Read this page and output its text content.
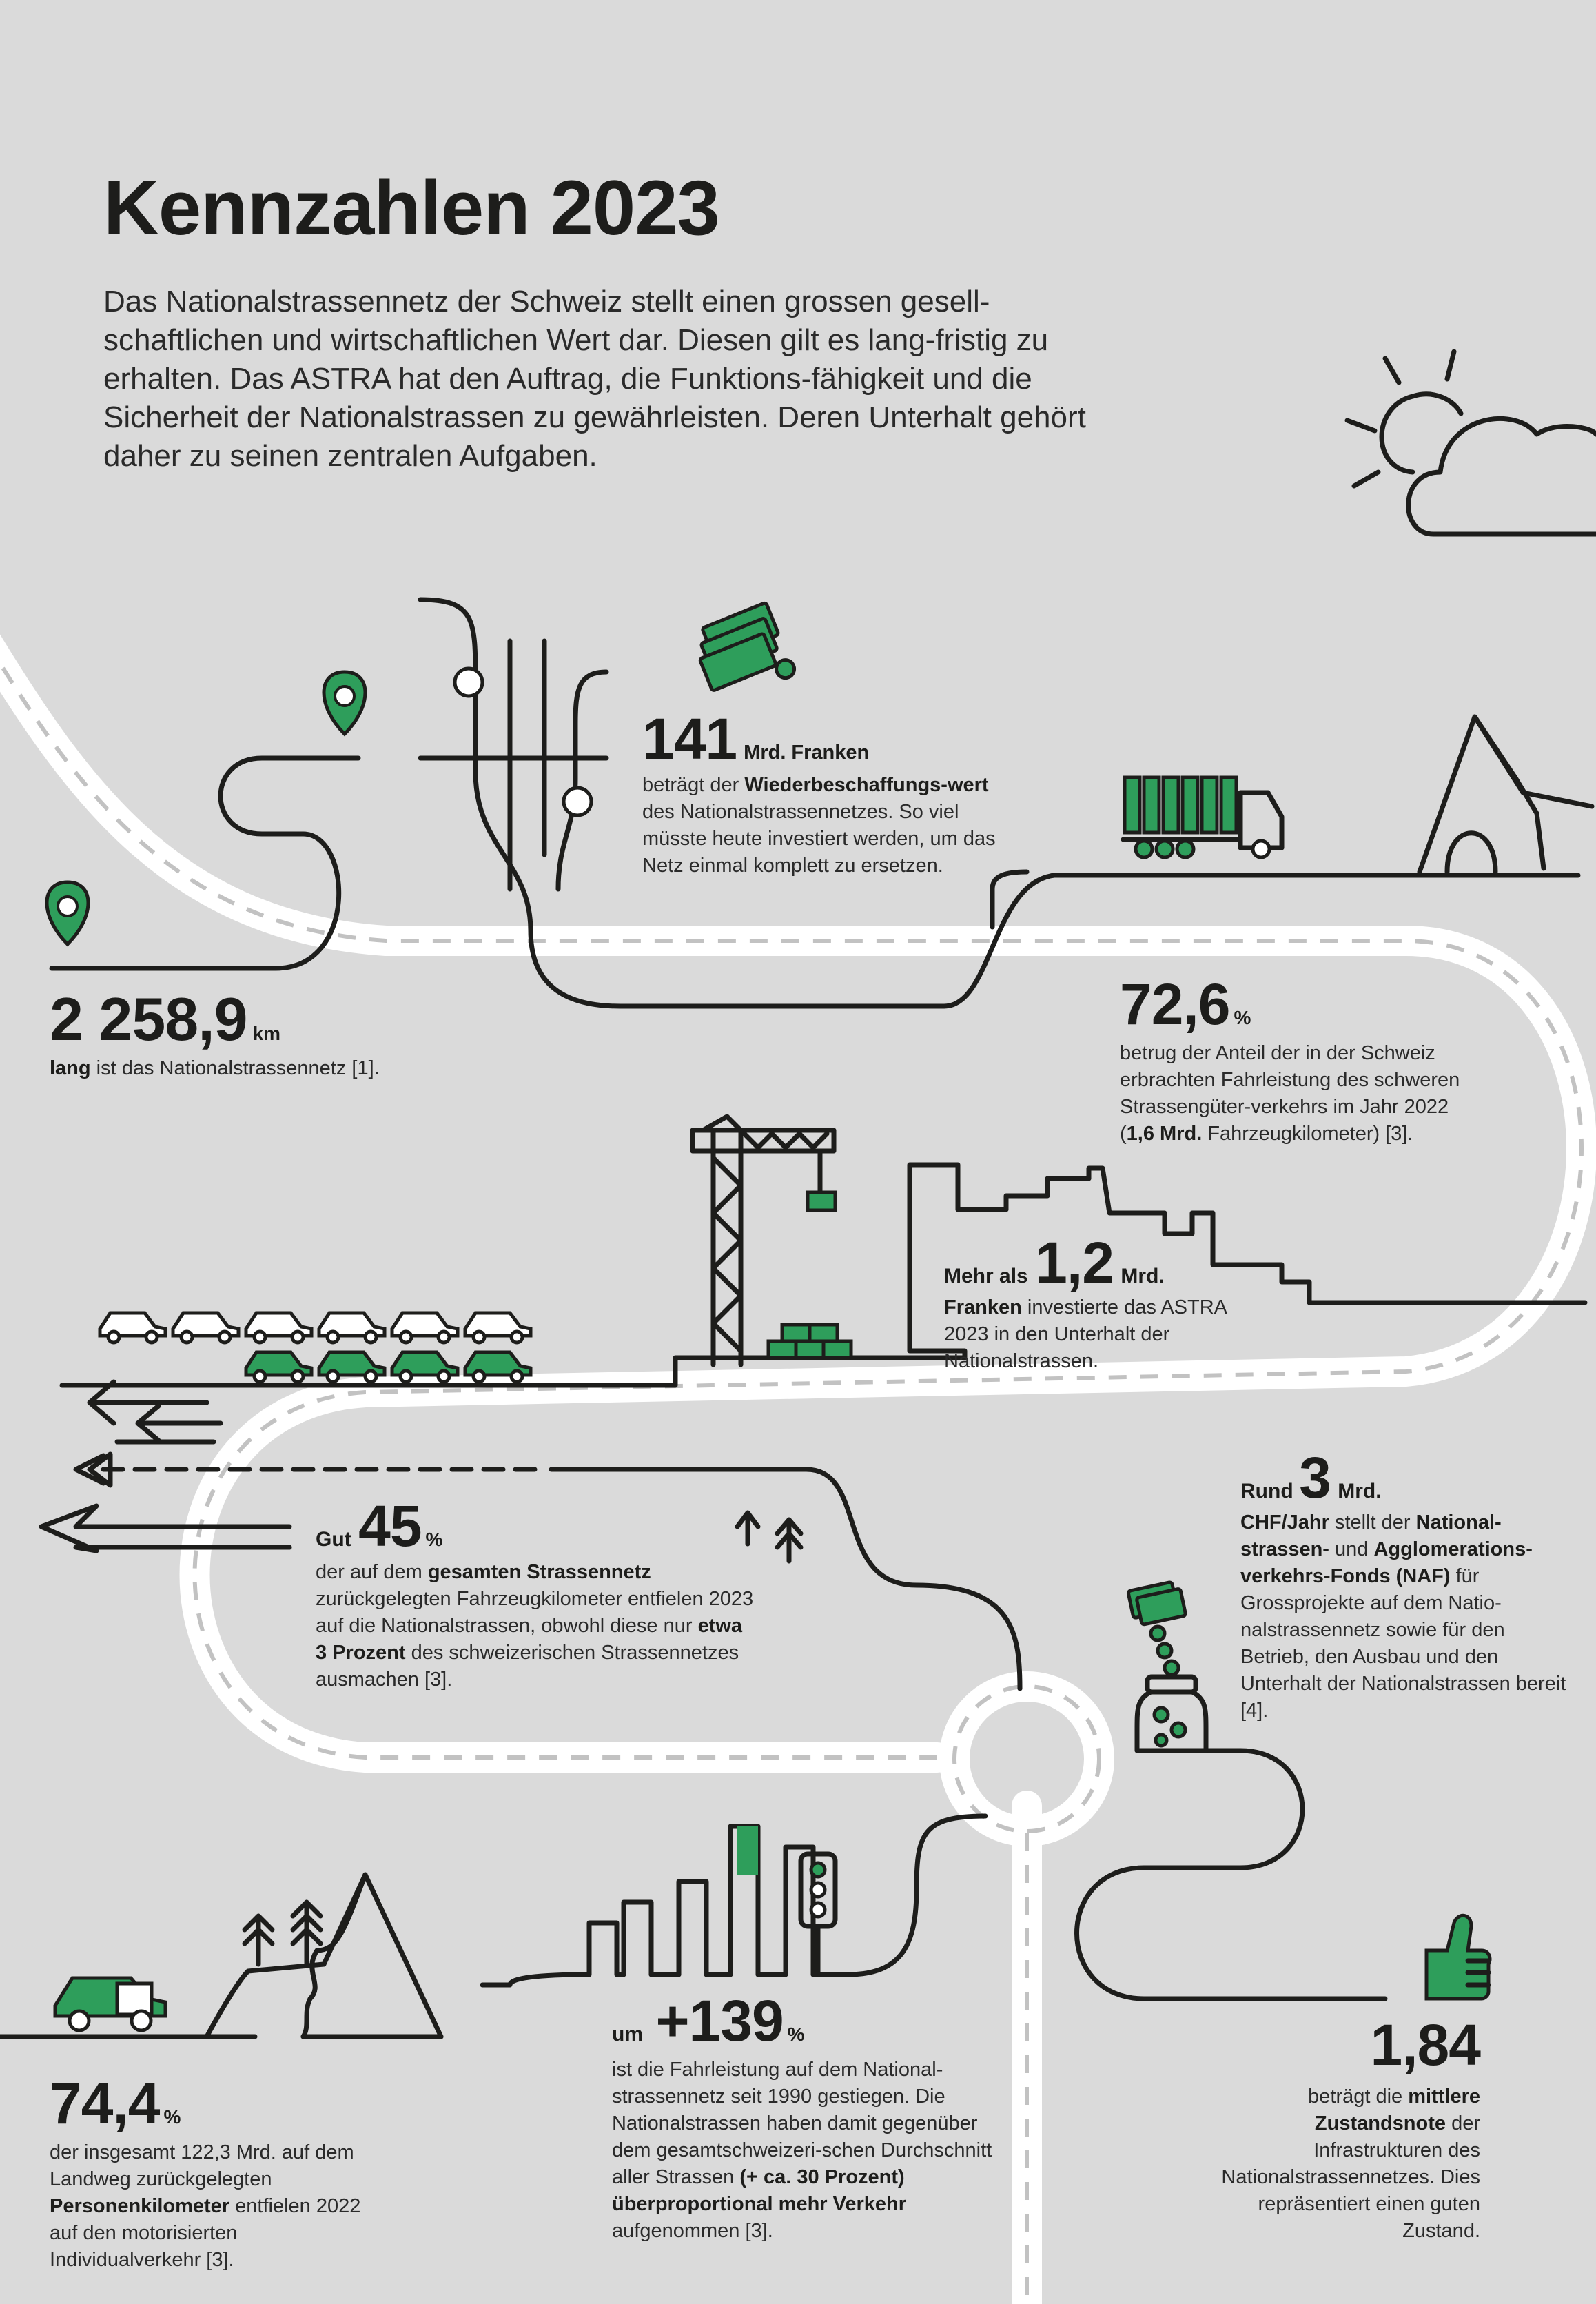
Kennzahlen 2023

Das Nationalstrassennetz der Schweiz stellt einen grossen gesell-schaftlichen und wirtschaftlichen Wert dar. Diesen gilt es lang-fristig zu erhalten. Das ASTRA hat den Auftrag, die Funktions-fähigkeit und die Sicherheit der Nationalstrassen zu gewährleisten. Deren Unterhalt gehört daher zu seinen zentralen Aufgaben.

2 258,9 km
lang ist das Nationalstrassennetz [1].
141 Mrd. Franken
beträgt der Wiederbeschaffungs-wert des Nationalstrassennetzes. So viel müsste heute investiert werden, um das Netz einmal komplett zu ersetzen.
72,6 %
betrug der Anteil der in der Schweiz erbrachten Fahrleistung des schweren Strassengüter-verkehrs im Jahr 2022 (1,6 Mrd. Fahrzeugkilometer) [3].
Mehr als 1,2 Mrd.
Franken investierte das ASTRA 2023 in den Unterhalt der Nationalstrassen.
Gut 45 %
der auf dem gesamten Strassennetz zurückgelegten Fahrzeugkilometer entfielen 2023 auf die Nationalstrassen, obwohl diese nur etwa 3 Prozent des schweizerischen Strassennetzes ausmachen [3].
Rund 3 Mrd.
CHF/Jahr stellt der National-strassen- und Agglomerations-verkehrs-Fonds (NAF) für Grossprojekte auf dem Natio-nalstrassennetz sowie für den Betrieb, den Ausbau und den Unterhalt der Nationalstrassen bereit [4].
74,4 %
der insgesamt 122,3 Mrd. auf dem Landweg zurückgelegten Personenkilometer entfielen 2022 auf den motorisierten Individualverkehr [3].
um +139 %
ist die Fahrleistung auf dem National-strassennetz seit 1990 gestiegen. Die Nationalstrassen haben damit gegenüber dem gesamtschweizeri-schen Durchschnitt aller Strassen (+ ca. 30 Prozent) überproportional mehr Verkehr aufgenommen [3].
1,84
beträgt die mittlere Zustandsnote der Infrastrukturen des Nationalstrassennetzes. Dies repräsentiert einen guten Zustand.
